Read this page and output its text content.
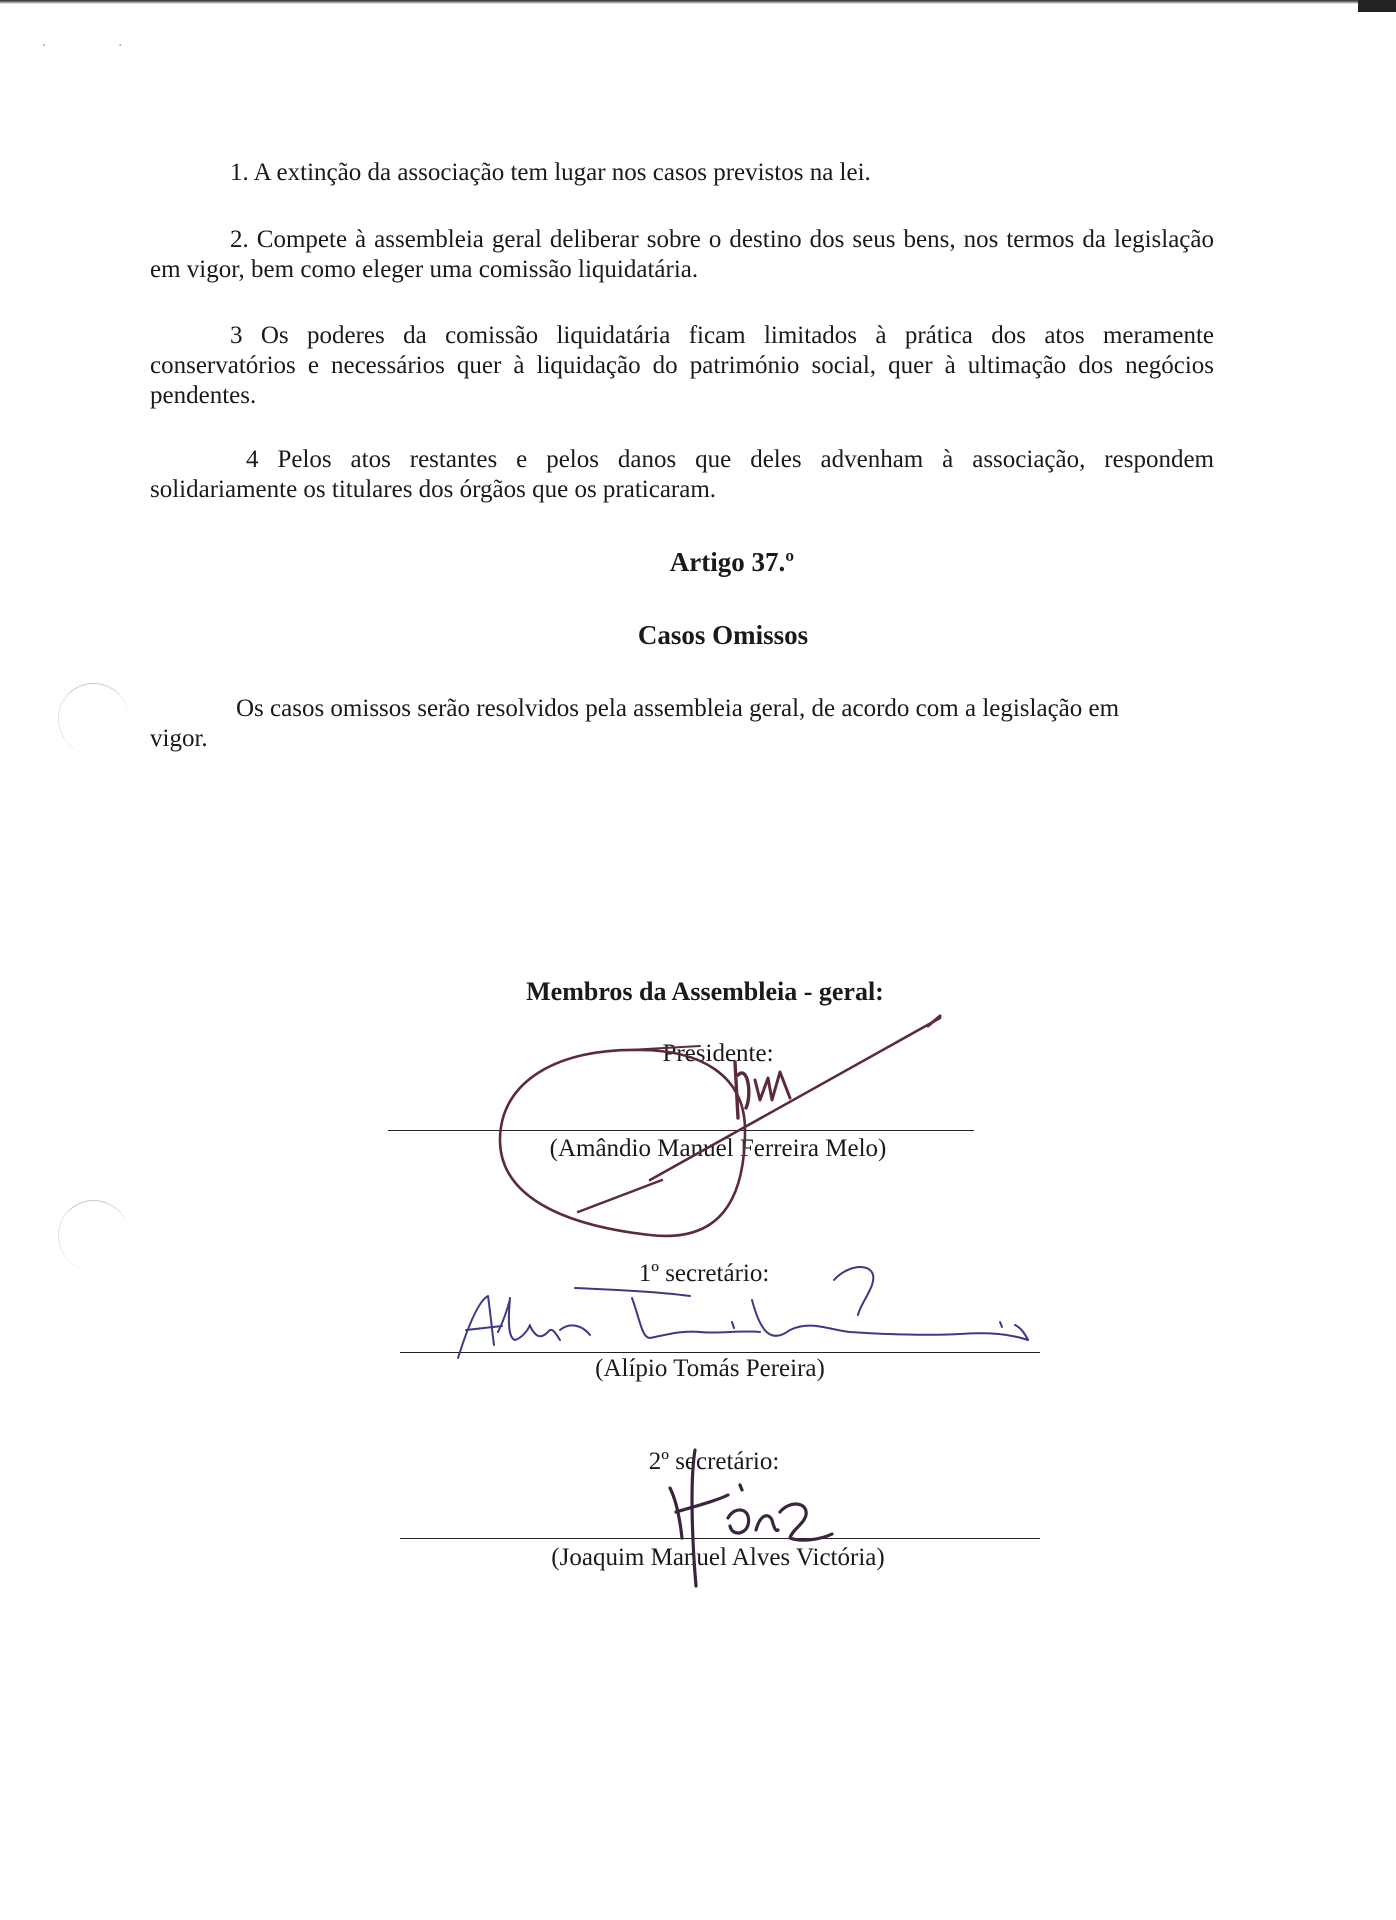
·	·
1. A extinção da associação tem lugar nos casos previstos na lei.
2. Compete à assembleia geral deliberar sobre o destino dos seus bens, nos termos da legislação em vigor, bem como eleger uma comissão liquidatária.
3 Os poderes da comissão liquidatária ficam limitados à prática dos atos meramente conservatórios e necessários quer à liquidação do património social, quer à ultimação dos negócios pendentes.
4 Pelos atos restantes e pelos danos que deles advenham à associação, respondem solidariamente os titulares dos órgãos que os praticaram.
Artigo 37.º
Casos Omissos
Os casos omissos serão resolvidos pela assembleia geral, de acordo com a legislação em vigor.
Membros da Assembleia - geral:
Presidente:
(Amândio Manuel Ferreira Melo)
1º secretário:
(Alípio Tomás Pereira)
2º secretário:
(Joaquim Manuel Alves Victória)
